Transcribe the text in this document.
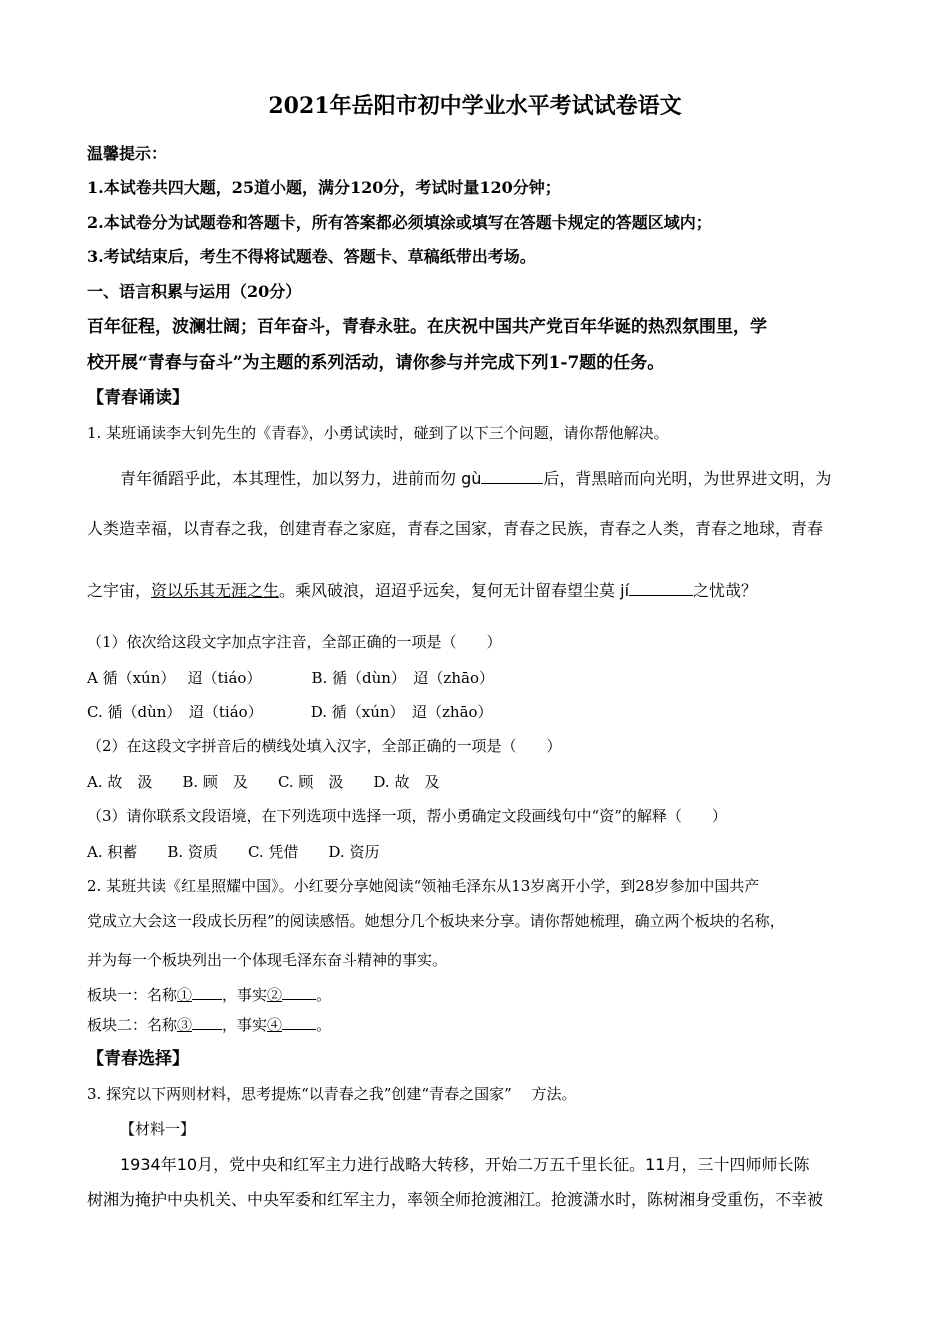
2021年岳阳市初中学业水平考试试卷语文
温馨提示：
1.本试卷共四大题，25道小题，满分120分，考试时量120分钟；
2.本试卷分为试题卷和答题卡，所有答案都必须填涂或填写在答题卡规定的答题区域内；
3.考试结束后，考生不得将试题卷、答题卡、草稿纸带出考场。
一、语言积累与运用（20分）
百年征程，波澜壮阔；百年奋斗，青春永驻。在庆祝中国共产党百年华诞的热烈氛围里，学
校开展“青春与奋斗”为主题的系列活动，请你参与并完成下列1-7题的任务。
【青春诵读】
1. 某班诵读李大钊先生的《青春》，小勇试读时，碰到了以下三个问题，请你帮他解决。
青年循蹈乎此，本其理性，加以努力，进前而勿 gù	后，背黑暗而向光明，为世界进文明，为
人类造幸福，以青春之我，创建青春之家庭，青春之国家，青春之民族，青春之人类，青春之地球，青春
之宇宙，资以乐其无涯之生。乘风破浪，迢迢乎远矣，复何无计留春望尘莫 jí	之忧哉？
（1）依次给这段文字加点字注音，全部正确的一项是（　　）
A 循（xún）　 迢（tiáo）	B. 循（dùn）　迢（zhāo）
C. 循（dùn）　迢（tiáo）	D. 循（xún）　迢（zhāo）
（2）在这段文字拼音后的横线处填入汉字，全部正确的一项是（　　）
A. 故　汲 B. 顾　及 C. 顾　汲 D. 故　及
（3）请你联系文段语境，在下列选项中选择一项，帮小勇确定文段画线句中“资”的解释（　　）
A. 积蓄 B. 资质 C. 凭借 D. 资历
2. 某班共读《红星照耀中国》。小红要分享她阅读“领袖毛泽东从13岁离开小学，到28岁参加中国共产
党成立大会这一段成长历程”的阅读感悟。她想分几个板块来分享。请你帮她梳理，确立两个板块的名称，
并为每一个板块列出一个体现毛泽东奋斗精神的事实。
板块一：名称① ，事实② 。
板块二：名称③ ，事实④ 。
【青春选择】
3. 探究以下两则材料，思考提炼“以青春之我”创建“青春之国家”　 方法。
【材料一】
1934年10月，党中央和红军主力进行战略大转移，开始二万五千里长征。11月，三十四师师长陈
树湘为掩护中央机关、中央军委和红军主力，率领全师抢渡湘江。抢渡潇水时，陈树湘身受重伤，不幸被
